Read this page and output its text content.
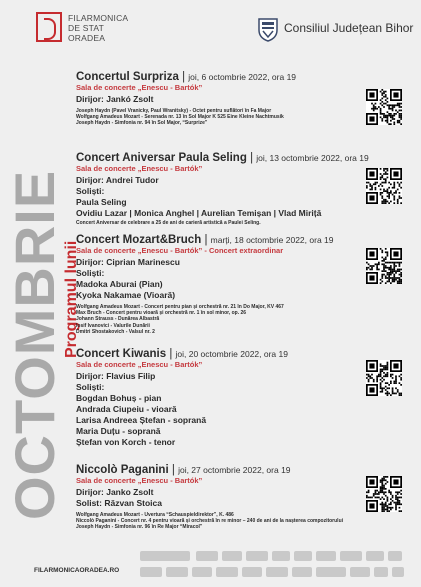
FILARMONICA
DE STAT
ORADEA
Consiliul Județean Bihor
OCTOMBRIE
Programul lunii
Concertul Surpriza | joi, 6 octombrie 2022, ora 19
Sala de concerte „Enescu - Bartók”
Dirijor: Jankó Zsolt
Joseph Haydn (Pavel Vranicky, Paul Wranitsky) - Octet pentru suflători în Fa Major
Wolfgang Amadeus Mozart - Serenada nr. 13 în Sol Major K 525 Eine Kleine Nachtmusik
Joseph Haydn - Simfonia nr. 94 în Sol Major, “Surprize”
Concert Aniversar Paula Seling | joi, 13 octombrie 2022, ora 19
Sala de concerte „Enescu - Bartók”
Dirijor: Andrei Tudor
Soliști:
Paula Seling
Ovidiu Lazar | Monica Anghel | Aurelian Temișan | Vlad Miriță
Concert Aniversar de celebrare a 25 de ani de carieră artistică a Paulei Seling.
Concert Mozart&Bruch | marți, 18 octombrie 2022, ora 19
Sala de concerte „Enescu - Bartók” - Concert extraordinar
Dirijor: Ciprian Marinescu
Soliști:
Madoka Aburai (Pian)
Kyoka Nakamae (Vioară)
Wolfgang Amadeus Mozart - Concert pentru pian și orchestră nr. 21 în Do Major, KV 467
Max Bruch - Concert pentru vioară și orchestră nr. 1 în sol minor, op. 26
Johann Strauss - Dunărea Albastră
Iosif Ivanovici - Valurile Dunării
Dmitri Shostakovich - Valsul nr. 2
Concert Kiwanis | joi, 20 octombrie 2022, ora 19
Sala de concerte „Enescu - Bartók”
Dirijor: Flavius Filip
Soliști:
Bogdan Bohuș - pian
Andrada Ciupeiu - vioară
Larisa Andreea Ștefan - soprană
Maria Duțu - soprană
Ștefan von Korch - tenor
Niccolò Paganini | joi, 27 octombrie 2022, ora 19
Sala de concerte „Enescu - Bartók”
Dirijor: Janko Zsolt
Solist: Răzvan Stoica
Wolfgang Amadeus Mozart - Uvertura “Schauspieldirektor”, K. 486
Niccolò Paganini - Concert nr. 4 pentru vioară și orchestră în re minor – 240 de ani de la nașterea compozitorului
Joseph Haydn - Simfonia nr. 96 în Re Major “Miracol”
FILARMONICAORADEA.RO
